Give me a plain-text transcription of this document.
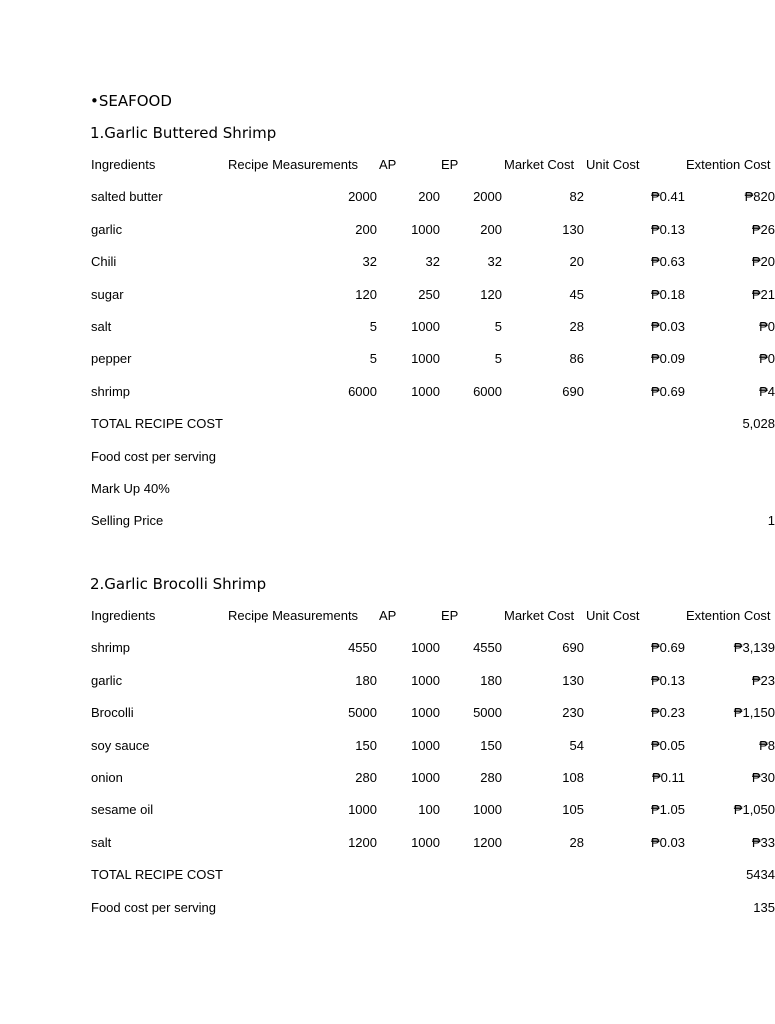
•SEAFOOD
1.Garlic Buttered Shrimp
Ingredients	Recipe Measurements AP	EP	Market Cost Unit Cost	Extention Cost
salted butter	2000	200	2000	82	₱0.41	₱820
garlic	200	1000	200	130	₱0.13	₱26
Chili	32	32	32	20	₱0.63	₱20
sugar	120	250	120	45	₱0.18	₱21
salt	5	1000	5	28	₱0.03	₱0
pepper	5	1000	5	86	₱0.09	₱0
shrimp	6000	1000	6000	690	₱0.69	₱4
TOTAL RECIPE COST	5,028
Food cost per serving
Mark Up 40%
Selling Price	1
2.Garlic Brocolli Shrimp
Ingredients	Recipe Measurements AP	EP	Market Cost Unit Cost	Extention Cost
shrimp	4550	1000	4550	690	₱0.69	₱3,139
garlic	180	1000	180	130	₱0.13	₱23
Brocolli	5000	1000	5000	230	₱0.23	₱1,150
soy sauce	150	1000	150	54	₱0.05	₱8
onion	280	1000	280	108	₱0.11	₱30
sesame oil	1000	100	1000	105	₱1.05	₱1,050
salt	1200	1000	1200	28	₱0.03	₱33
TOTAL RECIPE COST	5434
Food cost per serving	135
